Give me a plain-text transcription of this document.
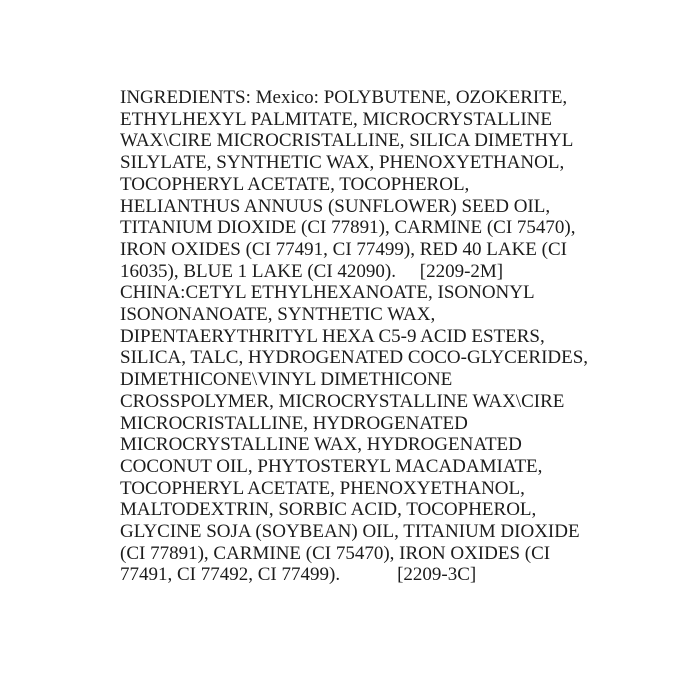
INGREDIENTS: Mexico: POLYBUTENE, OZOKERITE,
ETHYLHEXYL PALMITATE, MICROCRYSTALLINE
WAX\CIRE MICROCRISTALLINE, SILICA DIMETHYL
SILYLATE, SYNTHETIC WAX, PHENOXYETHANOL,
TOCOPHERYL ACETATE, TOCOPHEROL,
HELIANTHUS ANNUUS (SUNFLOWER) SEED OIL,
TITANIUM DIOXIDE (CI 77891), CARMINE (CI 75470),
IRON OXIDES (CI 77491, CI 77499), RED 40 LAKE (CI
16035), BLUE 1 LAKE (CI 42090).     [2209-2M]
CHINA:CETYL ETHYLHEXANOATE, ISONONYL
ISONONANOATE, SYNTHETIC WAX,
DIPENTAERYTHRITYL HEXA C5-9 ACID ESTERS,
SILICA, TALC, HYDROGENATED COCO-GLYCERIDES,
DIMETHICONE\VINYL DIMETHICONE
CROSSPOLYMER, MICROCRYSTALLINE WAX\CIRE
MICROCRISTALLINE, HYDROGENATED
MICROCRYSTALLINE WAX, HYDROGENATED
COCONUT OIL, PHYTOSTERYL MACADAMIATE,
TOCOPHERYL ACETATE, PHENOXYETHANOL,
MALTODEXTRIN, SORBIC ACID, TOCOPHEROL,
GLYCINE SOJA (SOYBEAN) OIL, TITANIUM DIOXIDE
(CI 77891), CARMINE (CI 75470), IRON OXIDES (CI
77491, CI 77492, CI 77499).            [2209-3C]
